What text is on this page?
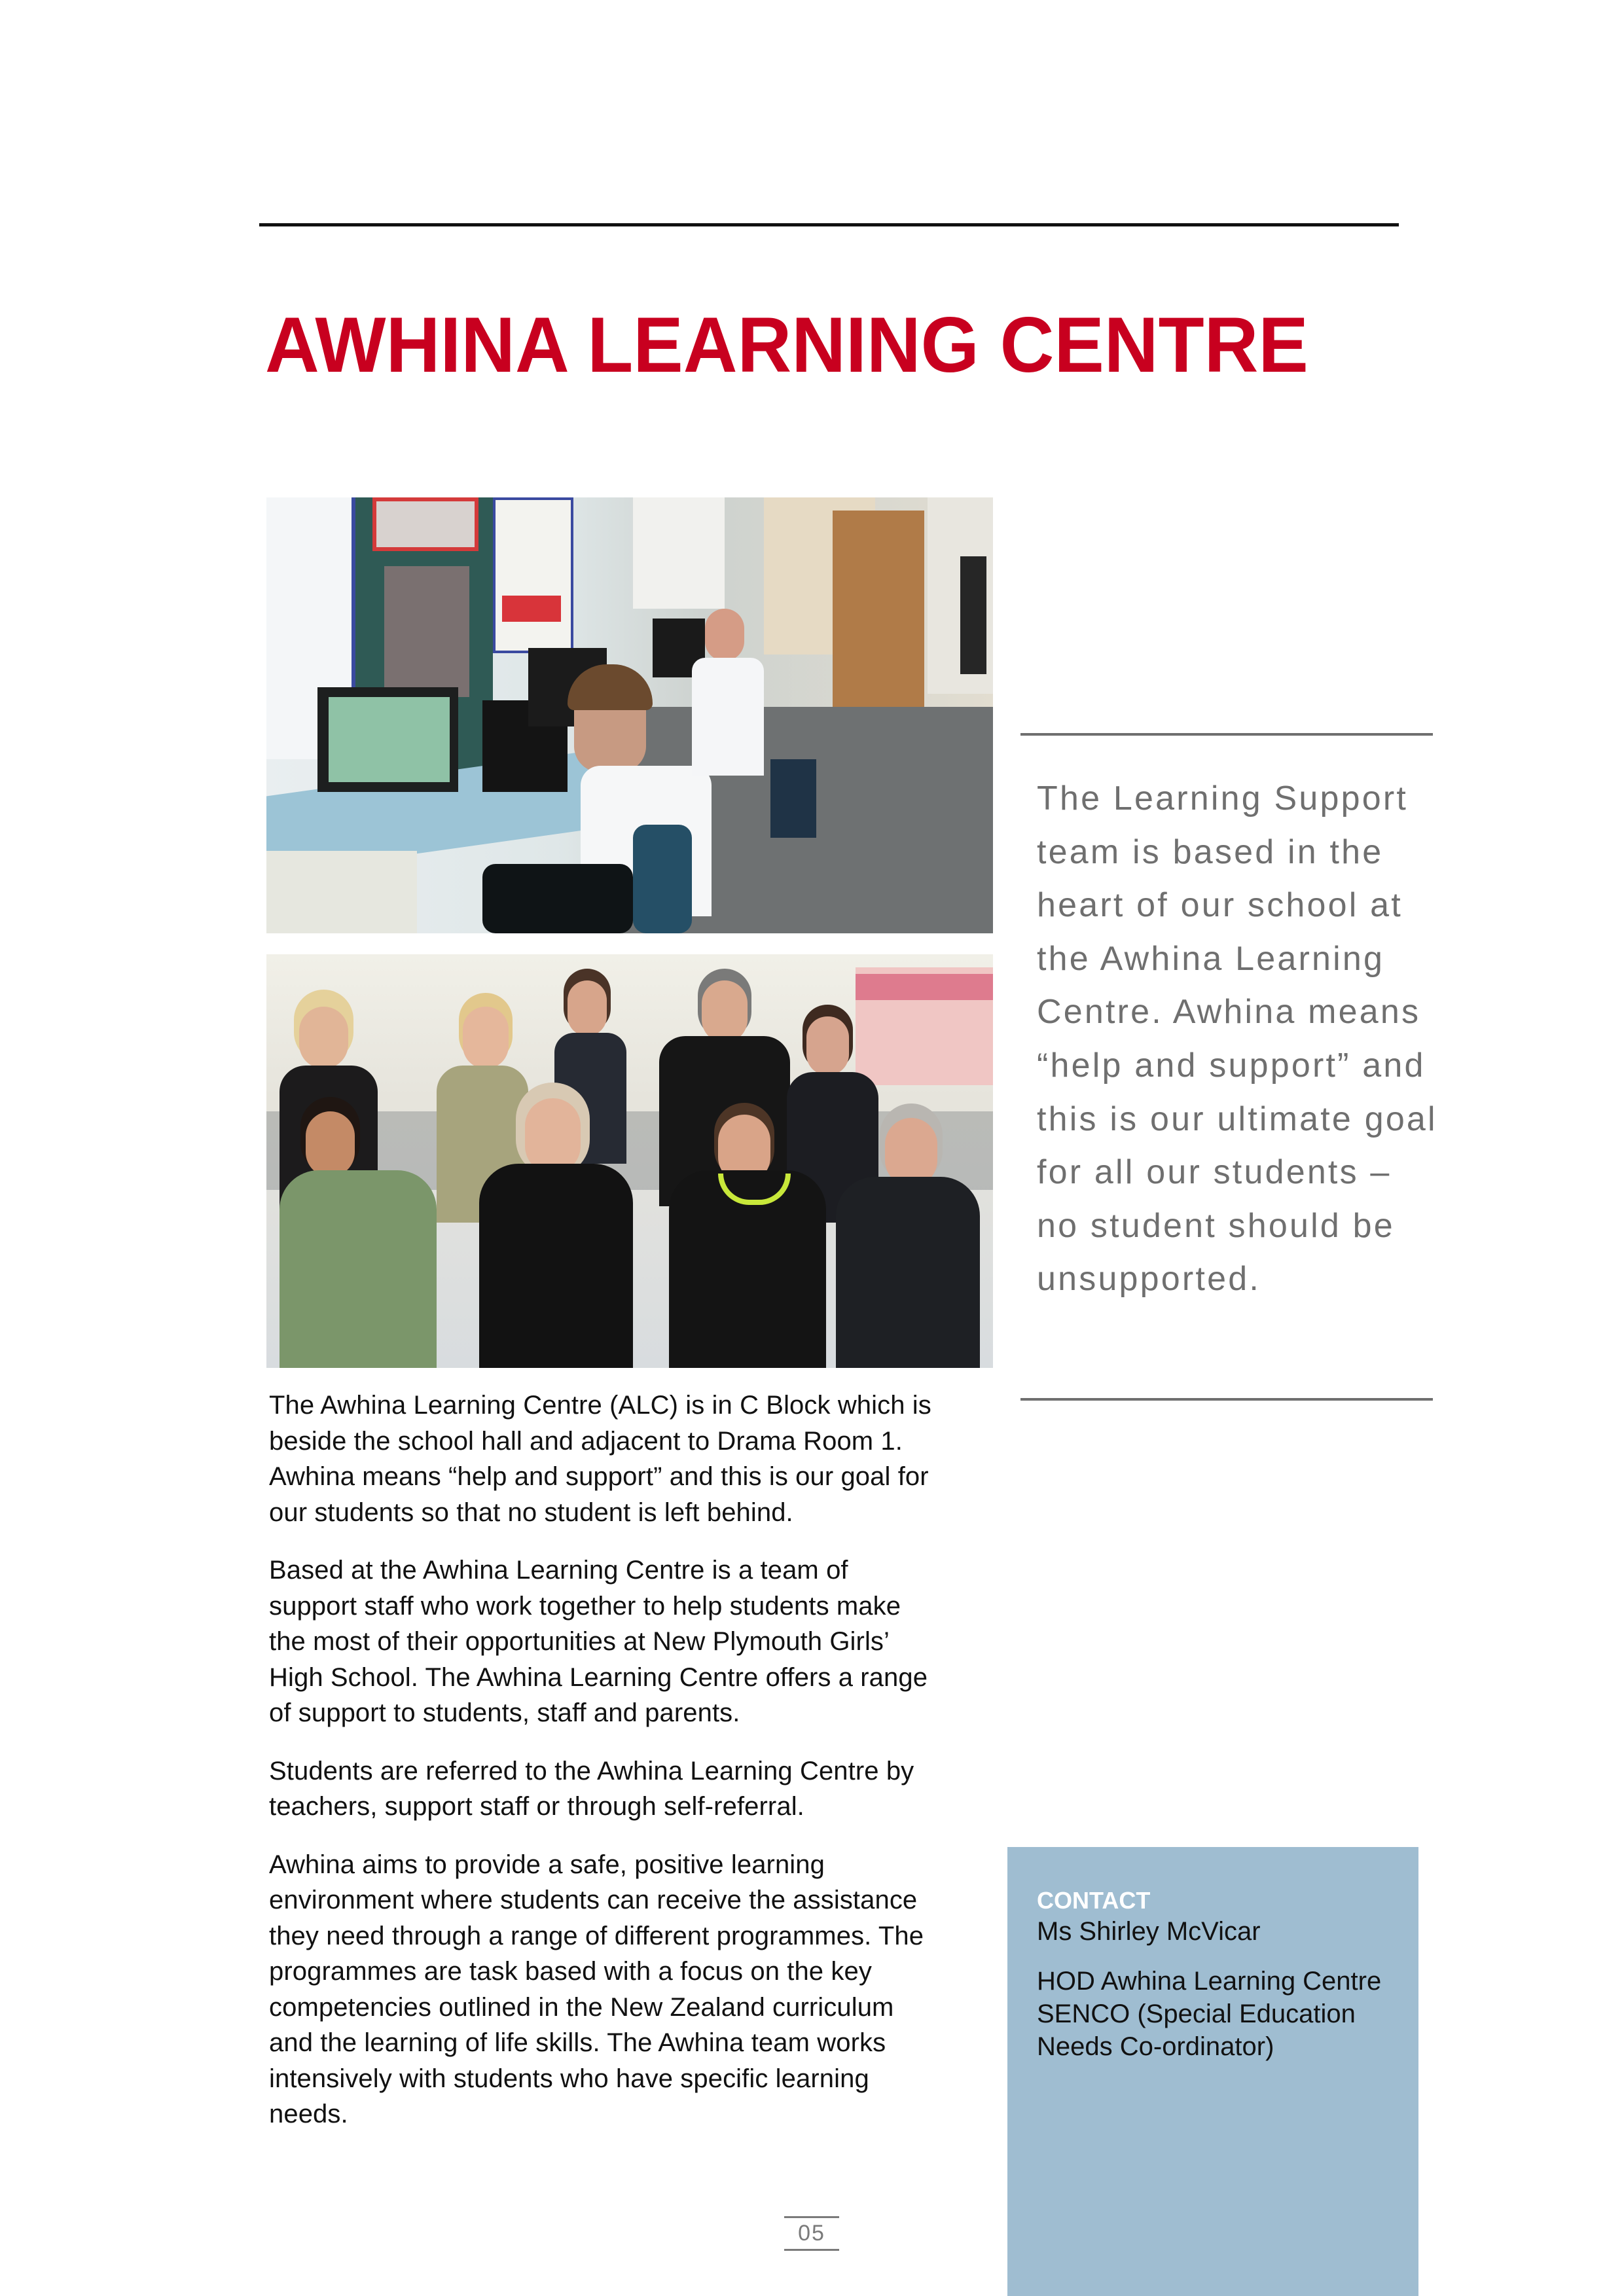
AWHINA LEARNING CENTRE

The Learning Support team is based in the heart of our school at the Awhina Learning Centre. Awhina means “help and support” and this is our ultimate goal for all our students – no student should be unsupported.

The Awhina Learning Centre (ALC) is in C Block which is beside the school hall and adjacent to Drama Room 1. Awhina means “help and support” and this is our goal for our students so that no student is left behind.

Based at the Awhina Learning Centre is a team of support staff who work together to help students make the most of their opportunities at New Plymouth Girls’ High School. The Awhina Learning Centre offers a range of support to students, staff and parents.

Students are referred to the Awhina Learning Centre by teachers, support staff or through self-referral.

Awhina aims to provide a safe, positive learning environment where students can receive the assistance they need through a range of different programmes. The programmes are task based with a focus on the key competencies outlined in the New Zealand curriculum and the learning of life skills. The Awhina team works intensively with students who have specific learning needs.

05
CONTACT
Ms Shirley McVicar
HOD Awhina Learning Centre
SENCO (Special Education
Needs Co-ordinator)
